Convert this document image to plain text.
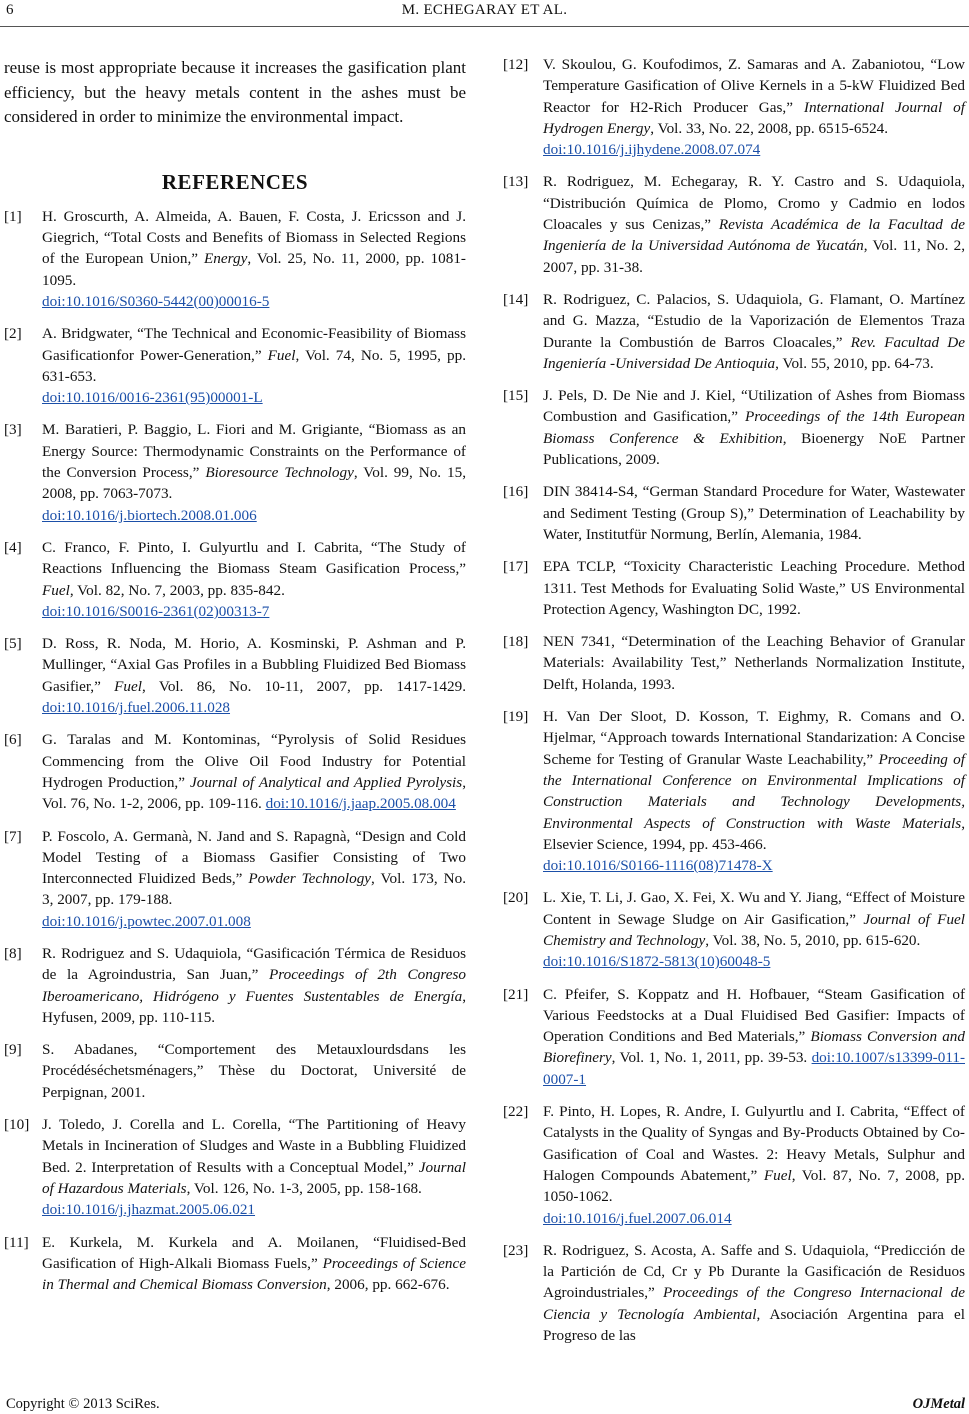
6	M. ECHEGARAY ET AL.

reuse is most appropriate because it increases the gasification plant efficiency, but the heavy metals content in the ashes must be considered in order to minimize the environmental impact.

REFERENCES
[1]	H. Groscurth, A. Almeida, A. Bauen, F. Costa, J. Ericsson and J. Giegrich, “Total Costs and Benefits of Biomass in Selected Regions of the European Union,” Energy, Vol. 25, No. 11, 2000, pp. 1081-1095.
doi:10.1016/S0360-5442(00)00016-5
[2]	A. Bridgwater, “The Technical and Economic-Feasibility of Biomass Gasificationfor Power-Generation,” Fuel, Vol. 74, No. 5, 1995, pp. 631-653.
doi:10.1016/0016-2361(95)00001-L
[3]	M. Baratieri, P. Baggio, L. Fiori and M. Grigiante, “Biomass as an Energy Source: Thermodynamic Constraints on the Performance of the Conversion Process,” Bioresource Technology, Vol. 99, No. 15, 2008, pp. 7063-7073.
doi:10.1016/j.biortech.2008.01.006
[4]	C. Franco, F. Pinto, I. Gulyurtlu and I. Cabrita, “The Study of Reactions Influencing the Biomass Steam Gasification Process,” Fuel, Vol. 82, No. 7, 2003, pp. 835-842.
doi:10.1016/S0016-2361(02)00313-7
[5]	D. Ross, R. Noda, M. Horio, A. Kosminski, P. Ashman and P. Mullinger, “Axial Gas Profiles in a Bubbling Fluidized Bed Biomass Gasifier,” Fuel, Vol. 86, No. 10-11, 2007, pp. 1417-1429. doi:10.1016/j.fuel.2006.11.028
[6]	G. Taralas and M. Kontominas, “Pyrolysis of Solid Residues Commencing from the Olive Oil Food Industry for Potential Hydrogen Production,” Journal of Analytical and Applied Pyrolysis, Vol. 76, No. 1-2, 2006, pp. 109-116. doi:10.1016/j.jaap.2005.08.004
[7]	P. Foscolo, A. Germanà, N. Jand and S. Rapagnà, “Design and Cold Model Testing of a Biomass Gasifier Consisting of Two Interconnected Fluidized Beds,” Powder Technology, Vol. 173, No. 3, 2007, pp. 179-188.
doi:10.1016/j.powtec.2007.01.008
[8]	R. Rodriguez and S. Udaquiola, “Gasificación Térmica de Residuos de la Agroindustria, San Juan,” Proceedings of 2th Congreso Iberoamericano, Hidrógeno y Fuentes Sustentables de Energía, Hyfusen, 2009, pp. 110-115.
[9]	S. Abadanes, “Comportement des Metauxlourdsdans les Procédéséchetsménagers,” Thèse du Doctorat, Université de Perpignan, 2001.
[10] J. Toledo, J. Corella and L. Corella, “The Partitioning of Heavy Metals in Incineration of Sludges and Waste in a Bubbling Fluidized Bed. 2. Interpretation of Results with a Conceptual Model,” Journal of Hazardous Materials, Vol. 126, No. 1-3, 2005, pp. 158-168.
doi:10.1016/j.jhazmat.2005.06.021
[11] E. Kurkela, M. Kurkela and A. Moilanen, “Fluidised-Bed Gasification of High-Alkali Biomass Fuels,” Proceedings of Science in Thermal and Chemical Biomass Conversion, 2006, pp. 662-676.
[12] V. Skoulou, G. Koufodimos, Z. Samaras and A. Zabaniotou, “Low Temperature Gasification of Olive Kernels in a 5-kW Fluidized Bed Reactor for H2-Rich Producer Gas,” International Journal of Hydrogen Energy, Vol. 33, No. 22, 2008, pp. 6515-6524.
doi:10.1016/j.ijhydene.2008.07.074
[13] R. Rodriguez, M. Echegaray, R. Y. Castro and S. Udaquiola, “Distribución Química de Plomo, Cromo y Cadmio en lodos Cloacales y sus Cenizas,” Revista Académica de la Facultad de Ingeniería de la Universidad Autónoma de Yucatán, Vol. 11, No. 2, 2007, pp. 31-38.
[14] R. Rodriguez, C. Palacios, S. Udaquiola, G. Flamant, O. Martínez and G. Mazza, “Estudio de la Vaporización de Elementos Traza Durante la Combustión de Barros Cloacales,” Rev. Facultad De Ingeniería -Universidad De Antioquia, Vol. 55, 2010, pp. 64-73.
[15] J. Pels, D. De Nie and J. Kiel, “Utilization of Ashes from Biomass Combustion and Gasification,” Proceedings of the 14th European Biomass Conference & Exhibition, Bioenergy NoE Partner Publications, 2009.
[16] DIN 38414-S4, “German Standard Procedure for Water, Wastewater and Sediment Testing (Group S),” Determination of Leachability by Water, Institutfür Normung, Berlín, Alemania, 1984.
[17] EPA TCLP, “Toxicity Characteristic Leaching Procedure. Method 1311. Test Methods for Evaluating Solid Waste,” US Environmental Protection Agency, Washington DC, 1992.
[18] NEN 7341, “Determination of the Leaching Behavior of Granular Materials: Availability Test,” Netherlands Normalization Institute, Delft, Holanda, 1993.
[19] H. Van Der Sloot, D. Kosson, T. Eighmy, R. Comans and O. Hjelmar, “Approach towards International Standarization: A Concise Scheme for Testing of Granular Waste Leachability,” Proceeding of the International Conference on Environmental Implications of Construction Materials and Technology Developments, Environmental Aspects of Construction with Waste Materials, Elsevier Science, 1994, pp. 453-466.
doi:10.1016/S0166-1116(08)71478-X
[20] L. Xie, T. Li, J. Gao, X. Fei, X. Wu and Y. Jiang, “Effect of Moisture Content in Sewage Sludge on Air Gasification,” Journal of Fuel Chemistry and Technology, Vol. 38, No. 5, 2010, pp. 615-620.
doi:10.1016/S1872-5813(10)60048-5
[21] C. Pfeifer, S. Koppatz and H. Hofbauer, “Steam Gasification of Various Feedstocks at a Dual Fluidised Bed Gasifier: Impacts of Operation Conditions and Bed Materials,” Biomass Conversion and Biorefinery, Vol. 1, No. 1, 2011, pp. 39-53. doi:10.1007/s13399-011-0007-1
[22] F. Pinto, H. Lopes, R. Andre, I. Gulyurtlu and I. Cabrita, “Effect of Catalysts in the Quality of Syngas and By-Products Obtained by Co-Gasification of Coal and Wastes. 2: Heavy Metals, Sulphur and Halogen Compounds Abatement,” Fuel, Vol. 87, No. 7, 2008, pp. 1050-1062.
doi:10.1016/j.fuel.2007.06.014
[23] R. Rodriguez, S. Acosta, A. Saffe and S. Udaquiola, “Predicción de la Partición de Cd, Cr y Pb Durante la Gasificación de Residuos Agroindustriales,” Proceedings of the Congreso Internacional de Ciencia y Tecnología Ambiental, Asociación Argentina para el Progreso de las
Copyright © 2013 SciRes.	OJMetal
